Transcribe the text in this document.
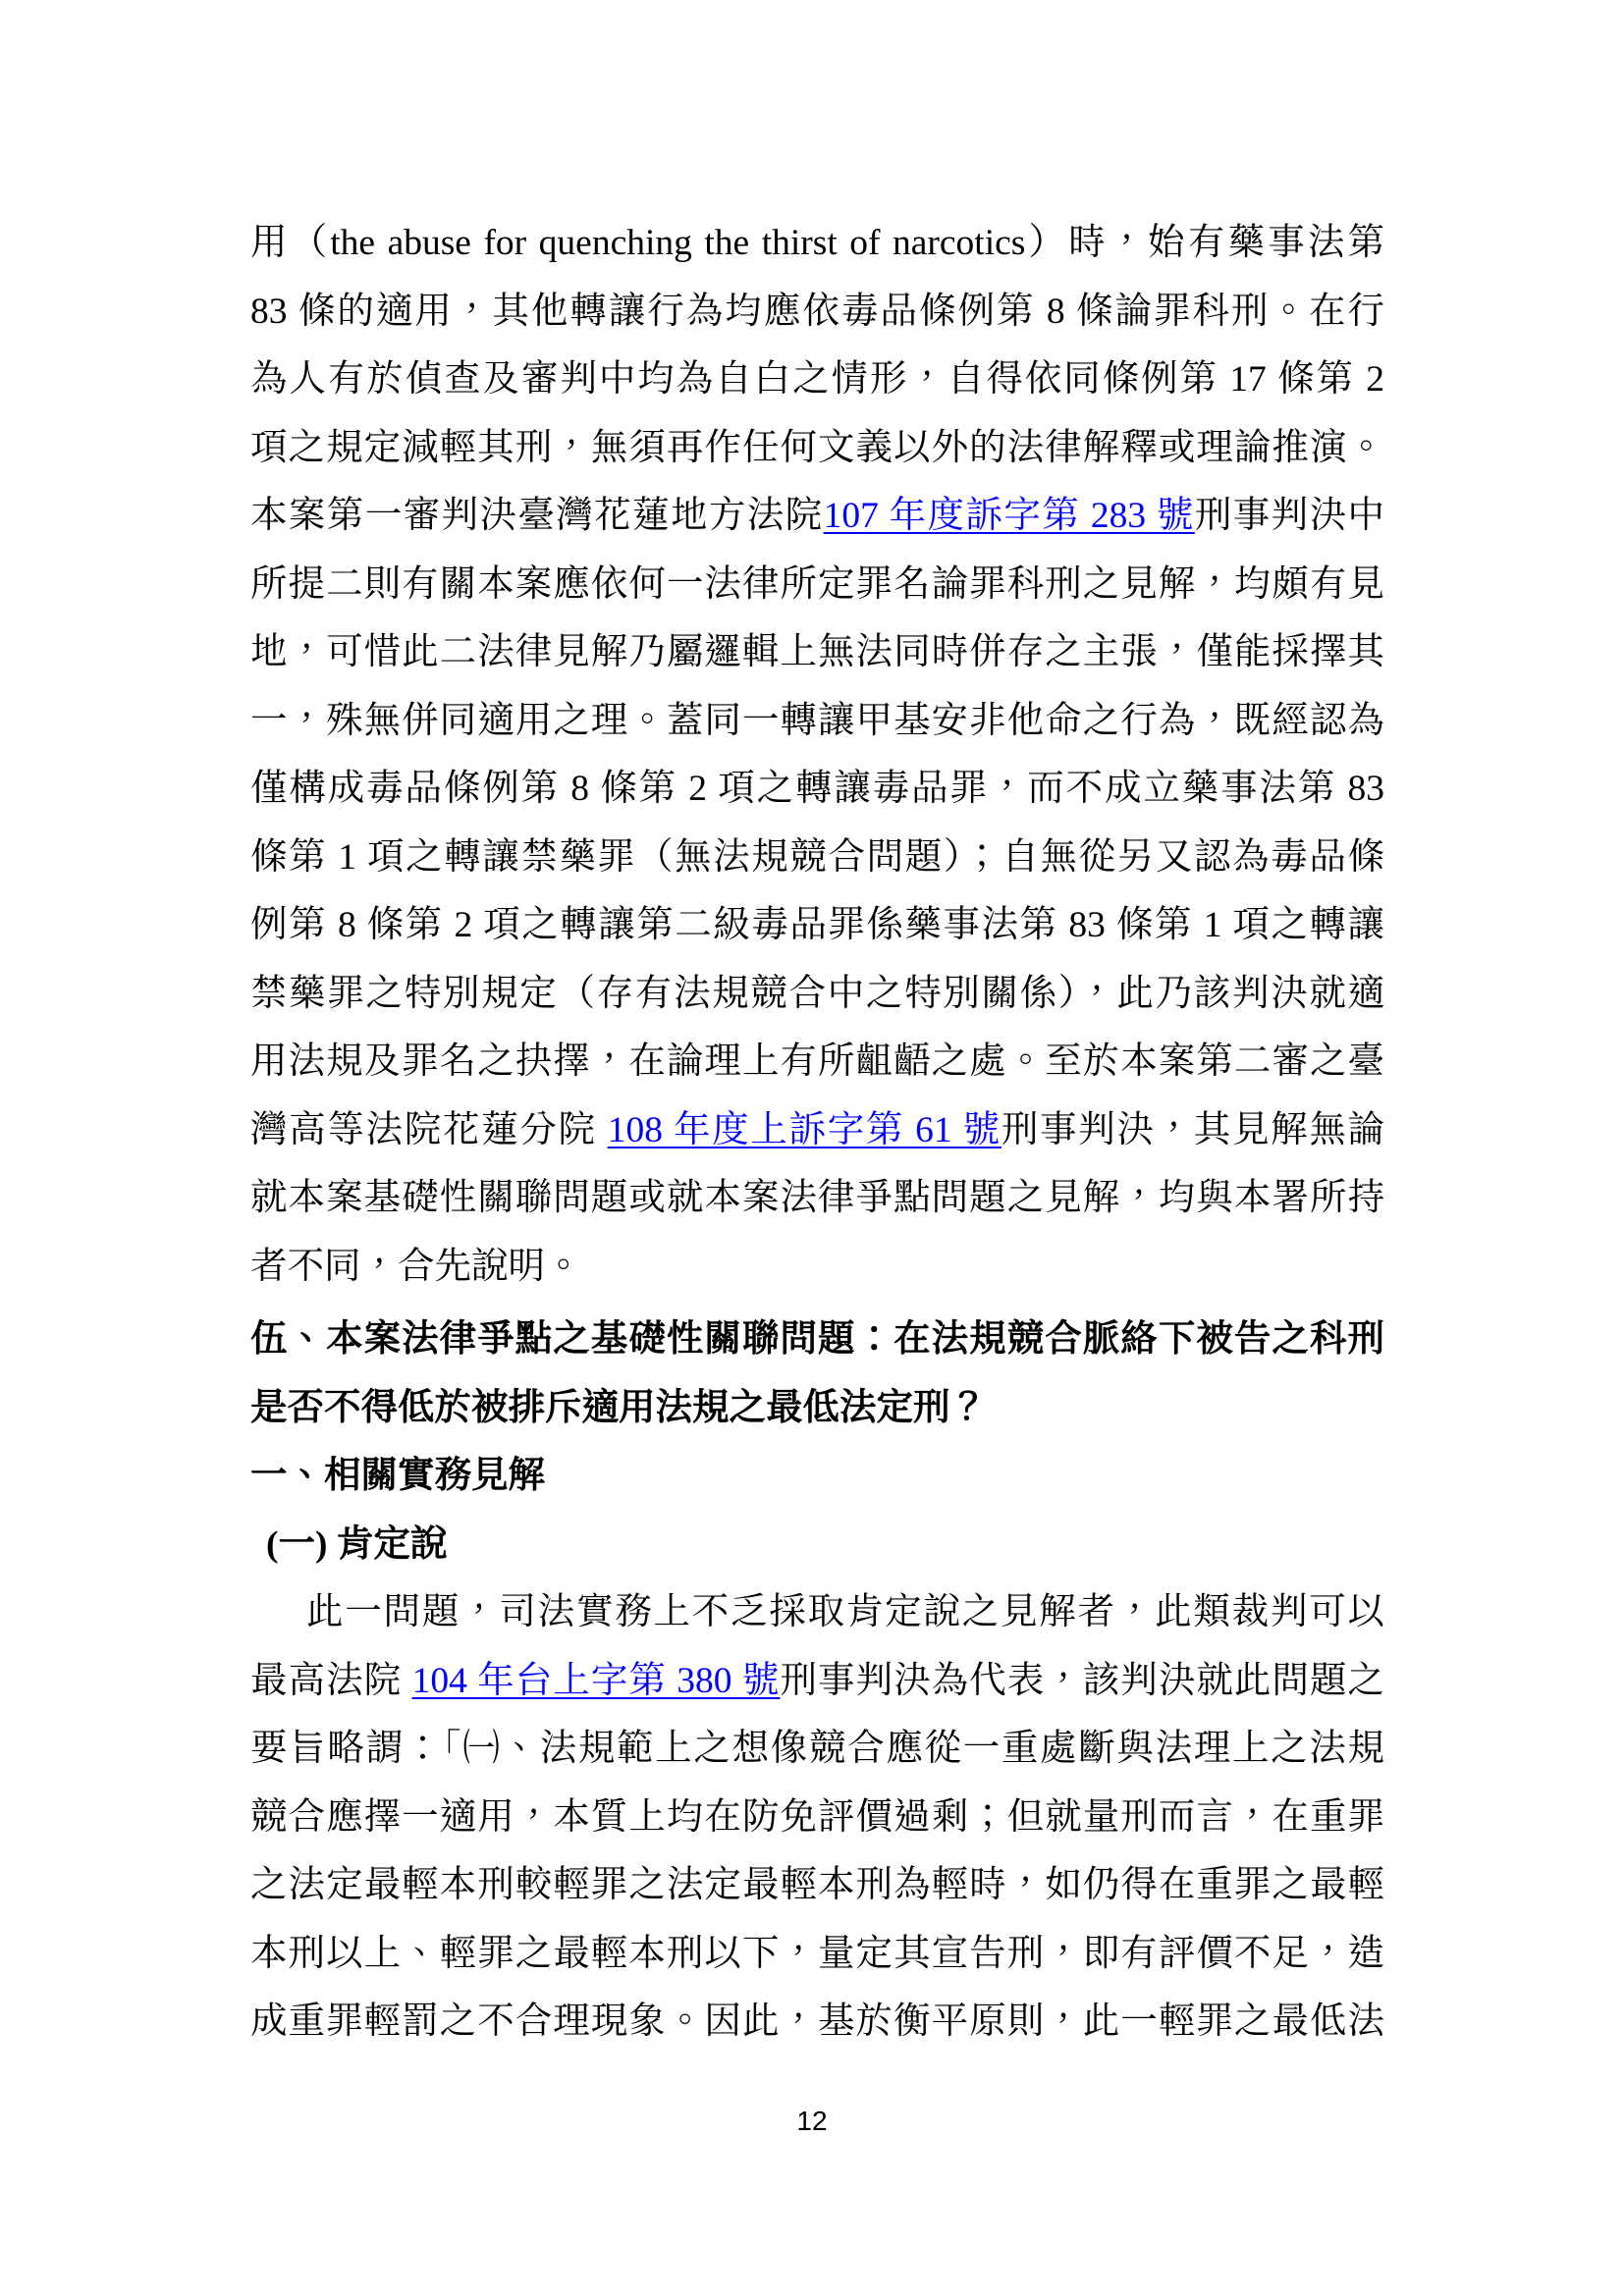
用（the abuse for quenching the thirst of narcotics）時，始有藥事法第
83 條的適用，其他轉讓行為均應依毒品條例第 8 條論罪科刑。在行
為人有於偵查及審判中均為自白之情形，自得依同條例第 17 條第 2
項之規定減輕其刑，無須再作任何文義以外的法律解釋或理論推演。
本案第一審判決臺灣花蓮地方法院107 年度訴字第 283 號刑事判決中
所提二則有關本案應依何一法律所定罪名論罪科刑之見解，均頗有見
地，可惜此二法律見解乃屬邏輯上無法同時併存之主張，僅能採擇其
一，殊無併同適用之理。蓋同一轉讓甲基安非他命之行為，既經認為
僅構成毒品條例第 8 條第 2 項之轉讓毒品罪，而不成立藥事法第 83
條第 1 項之轉讓禁藥罪（無法規競合問題）；自無從另又認為毒品條
例第 8 條第 2 項之轉讓第二級毒品罪係藥事法第 83 條第 1 項之轉讓
禁藥罪之特別規定（存有法規競合中之特別關係），此乃該判決就適
用法規及罪名之抉擇，在論理上有所齟齬之處。至於本案第二審之臺
灣高等法院花蓮分院 108 年度上訴字第 61 號刑事判決，其見解無論
就本案基礎性關聯問題或就本案法律爭點問題之見解，均與本署所持
者不同，合先說明。
伍、本案法律爭點之基礎性關聯問題：在法規競合脈絡下被告之科刑
是否不得低於被排斥適用法規之最低法定刑？
一、相關實務見解
(一) 肯定說
此一問題，司法實務上不乏採取肯定說之見解者，此類裁判可以
最高法院 104 年台上字第 380 號刑事判決為代表，該判決就此問題之
要旨略謂：「㈠、法規範上之想像競合應從一重處斷與法理上之法規
競合應擇一適用，本質上均在防免評價過剩；但就量刑而言，在重罪
之法定最輕本刑較輕罪之法定最輕本刑為輕時，如仍得在重罪之最輕
本刑以上、輕罪之最輕本刑以下，量定其宣告刑，即有評價不足，造
成重罪輕罰之不合理現象。因此，基於衡平原則，此一輕罪之最低法
12
